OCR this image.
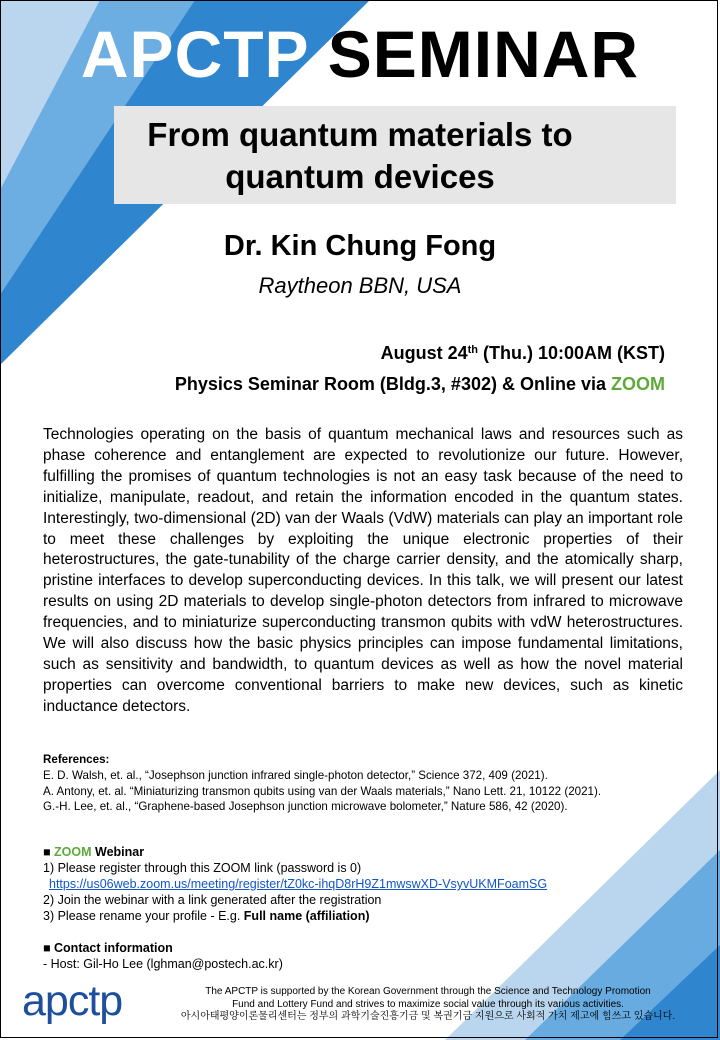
APCTP SEMINAR
From quantum materials to
quantum devices
Dr. Kin Chung Fong
Raytheon BBN, USA
August 24th (Thu.) 10:00AM (KST)
Physics Seminar Room (Bldg.3, #302) & Online via ZOOM
Technologies operating on the basis of quantum mechanical laws and resources such as phase coherence and entanglement are expected to revolutionize our future. However, fulfilling the promises of quantum technologies is not an easy task because of the need to initialize, manipulate, readout, and retain the information encoded in the quantum states. Interestingly, two-dimensional (2D) van der Waals (VdW) materials can play an important role to meet these challenges by exploiting the unique electronic properties of their heterostructures, the gate-tunability of the charge carrier density, and the atomically sharp, pristine interfaces to develop superconducting devices. In this talk, we will present our latest results on using 2D materials to develop single-photon detectors from infrared to microwave frequencies, and to miniaturize superconducting transmon qubits with vdW heterostructures. We will also discuss how the basic physics principles can impose fundamental limitations, such as sensitivity and bandwidth, to quantum devices as well as how the novel material properties can overcome conventional barriers to make new devices, such as kinetic inductance detectors.
References:
E. D. Walsh, et. al., “Josephson junction infrared single-photon detector,” Science 372, 409 (2021).
A. Antony, et. al. “Miniaturizing transmon qubits using van der Waals materials,” Nano Lett. 21, 10122 (2021).
G.-H. Lee, et. al., “Graphene-based Josephson junction microwave bolometer,” Nature 586, 42 (2020).
■ ZOOM Webinar
1) Please register through this ZOOM link (password is 0)
https://us06web.zoom.us/meeting/register/tZ0kc-ihqD8rH9Z1mwswXD-VsyvUKMFoamSG
2) Join the webinar with a link generated after the registration
3) Please rename your profile - E.g. Full name (affiliation)
■ Contact information
- Host: Gil-Ho Lee (lghman@postech.ac.kr)
apctp	The APCTP is supported by the Korean Government through the Science and Technology Promotion
Fund and Lottery Fund and strives to maximize social value through its various activities.
아시아태평양이론물리센터는 정부의 과학기술진흥기금 및 복권기금 지원으로 사회적 가치 제고에 힘쓰고 있습니다.
